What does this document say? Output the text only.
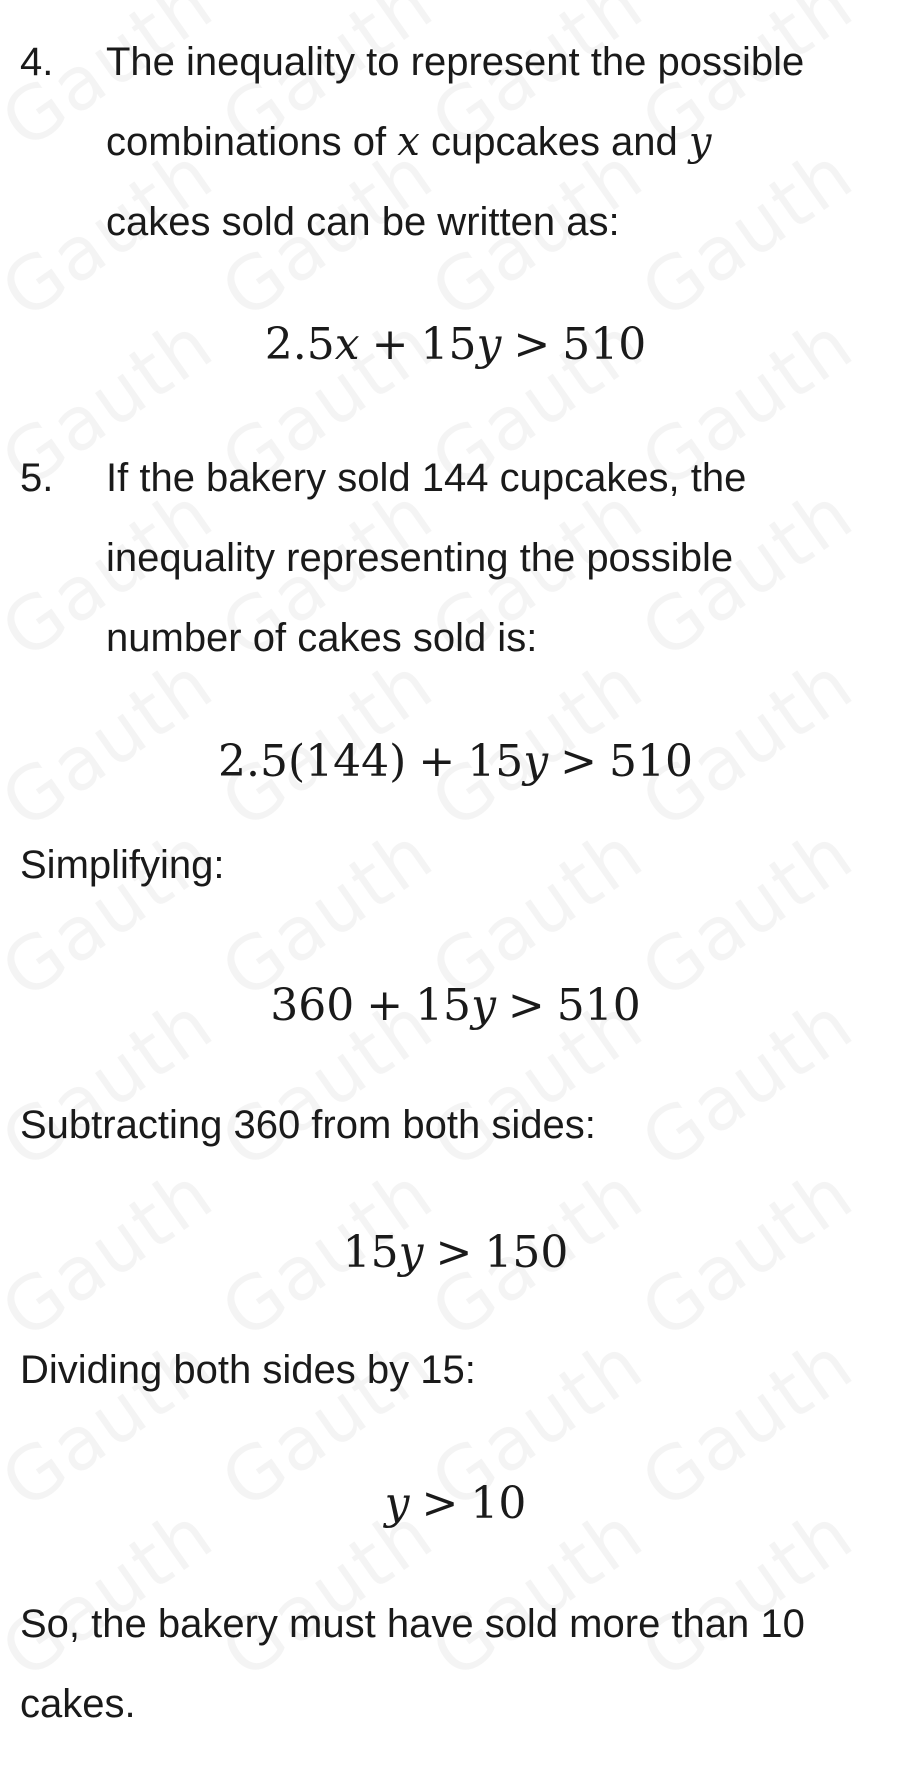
4. The inequality to represent the possible
combinations of x cupcakes and y
cakes sold can be written as:
2.5x + 15y > 510
5. If the bakery sold 144 cupcakes, the
inequality representing the possible
number of cakes sold is:
2.5(144) + 15y > 510
Simplifying:
360 + 15y > 510
Subtracting 360 from both sides:
15y > 150
Dividing both sides by 15:
y > 10
So, the bakery must have sold more than 10
cakes.
